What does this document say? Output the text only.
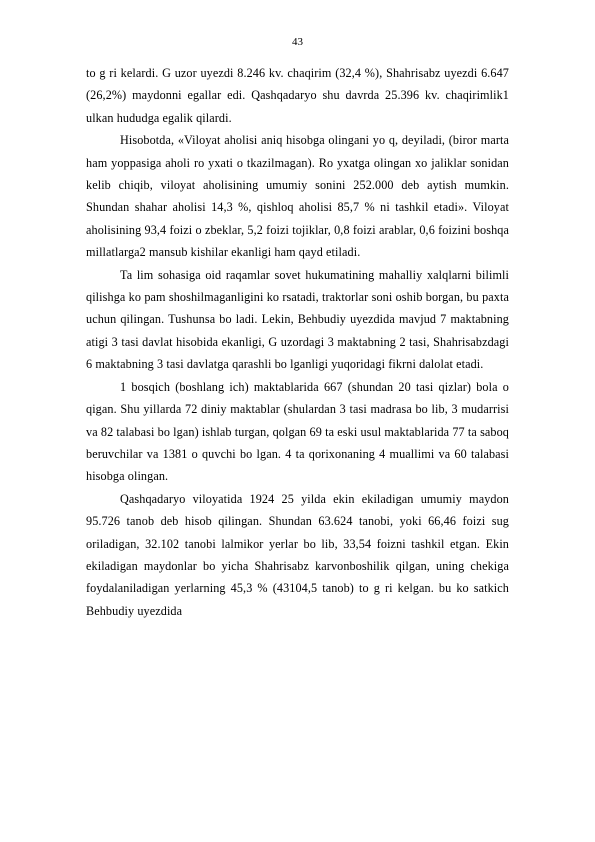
43

to g ri kelardi. G uzor uyezdi 8.246 kv. chaqirim (32,4 %), Shahrisabz uyezdi 6.647 (26,2%) maydonni egallar edi. Qashqadaryo shu davrda 25.396 kv. chaqirimlik1 ulkan hududga egalik qilardi.

Hisobotda, «Viloyat aholisi aniq hisobga olingani yo q, deyiladi, (biror marta ham yoppasiga aholi ro yxati o tkazilmagan). Ro yxatga olingan xo jaliklar sonidan kelib chiqib, viloyat aholisining umumiy sonini 252.000 deb aytish mumkin. Shundan shahar aholisi 14,3 %, qishloq aholisi 85,7 % ni tashkil etadi». Viloyat aholisining 93,4 foizi o zbeklar, 5,2 foizi tojiklar, 0,8 foizi arablar, 0,6 foizini boshqa millatlarga2 mansub kishilar ekanligi ham qayd etiladi.

Ta lim sohasiga oid raqamlar sovet hukumatining mahalliy xalqlarni bilimli qilishga ko pam shoshilmaganligini ko rsatadi, traktorlar soni oshib borgan, bu paxta uchun qilingan. Tushunsa bo ladi. Lekin, Behbudiy uyezdida mavjud 7 maktabning atigi 3 tasi davlat hisobida ekanligi, G uzordagi 3 maktabning 2 tasi, Shahrisabzdagi 6 maktabning 3 tasi davlatga qarashli bo lganligi yuqoridagi fikrni dalolat etadi.

1 bosqich (boshlang ich) maktablarida 667 (shundan 20 tasi qizlar) bola o qigan. Shu yillarda 72 diniy maktablar (shulardan 3 tasi madrasa bo lib, 3 mudarrisi va 82 talabasi bo lgan) ishlab turgan, qolgan 69 ta eski usul maktablarida 77 ta saboq beruvchilar va 1381 o quvchi bo lgan. 4 ta qorixonaning 4 muallimi va 60 talabasi hisobga olingan.

Qashqadaryo viloyatida 1924 25 yilda ekin ekiladigan umumiy maydon 95.726 tanob deb hisob qilingan. Shundan 63.624 tanobi, yoki 66,46 foizi sug oriladigan, 32.102 tanobi lalmikor yerlar bo lib, 33,54 foizni tashkil etgan. Ekin ekiladigan maydonlar bo yicha Shahrisabz karvonboshilik qilgan, uning chekiga foydalaniladigan yerlarning 45,3 % (43104,5 tanob) to g ri kelgan. bu ko satkich Behbudiy uyezdida
